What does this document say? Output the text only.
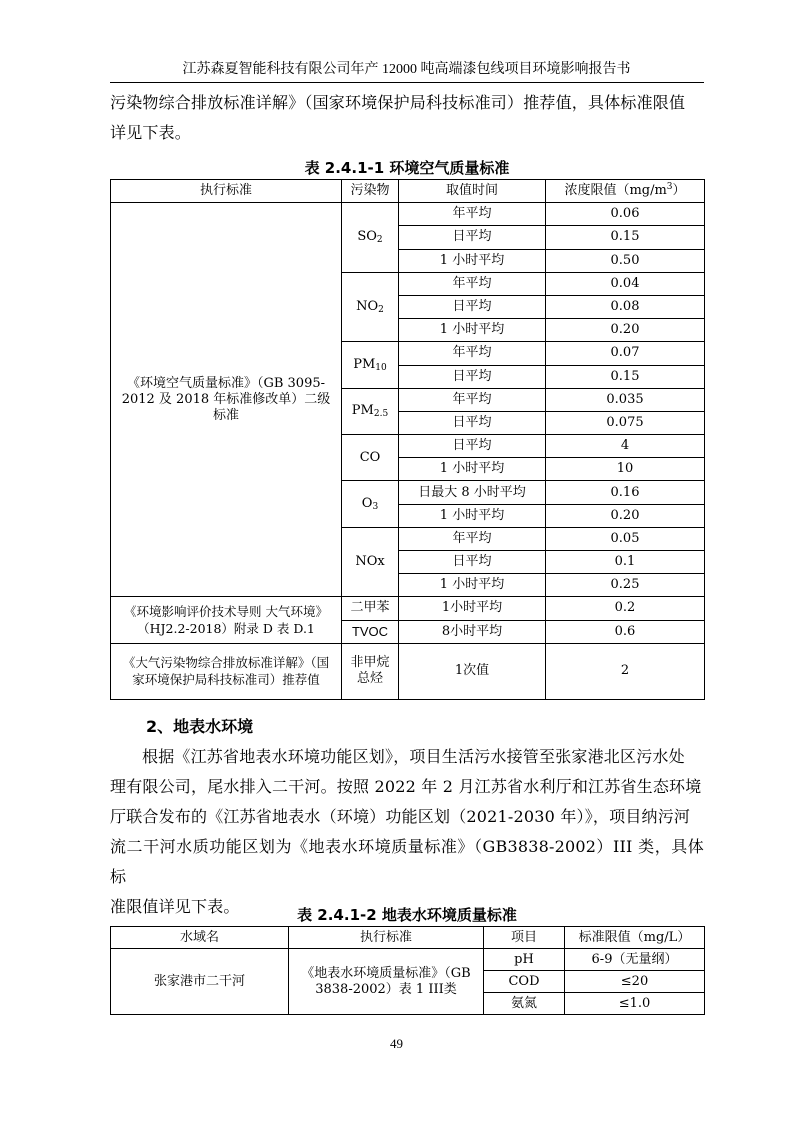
江苏森夏智能科技有限公司年产 12000 吨高端漆包线项目环境影响报告书
污染物综合排放标准详解》（国家环境保护局科技标准司）推荐值，具体标准限值
详见下表。
表 2.4.1-1 环境空气质量标准
执行标准	污染物	取值时间	浓度限值$(mg/m^3)$
《环境空气质量标准》（GB 3095-2012 及 2018 年标准修改单）二级标准	$SO_2$	年平均	0.06
		日平均	0.15
		1 小时平均	0.50
	$NO_2$	年平均	0.04
		日平均	0.08
		1 小时平均	0.20
	$PM_{10}$	年平均	0.07
		日平均	0.15
	$PM_{2.5}$	年平均	0.035
		日平均	0.075
	CO	日平均	4
		1 小时平均	10
	$O_3$	日最大 8 小时平均	0.16
		1 小时平均	0.20
	NOx	年平均	0.05
		日平均	0.1
		1 小时平均	0.25
《环境影响评价技术导则 大气环境》（HJ2.2-2018）附录 D 表 D.1	二甲苯	1小时平均	0.2
	TVOC	8小时平均	0.6
《大气污染物综合排放标准详解》（国家环境保护局科技标准司）推荐值	非甲烷总烃	1次值	2
2、地表水环境
根据《江苏省地表水环境功能区划》，项目生活污水接管至张家港北区污水处
理有限公司，尾水排入二干河。按照 2022 年 2 月江苏省水利厅和江苏省生态环境
厅联合发布的《江苏省地表水（环境）功能区划（2021-2030 年）》，项目纳污河
流二干河水质功能区划为《地表水环境质量标准》（GB3838-2002）III 类，具体标
准限值详见下表。	表 2.4.1-2 地表水环境质量标准
水域名	执行标准	项目	标准限值（mg/L）
张家港市二干河	《地表水环境质量标准》（GB 3838-2002）表 1 III类	pH	6-9（无量纲）
		COD	≤20
		氨氮	≤1.0
49
